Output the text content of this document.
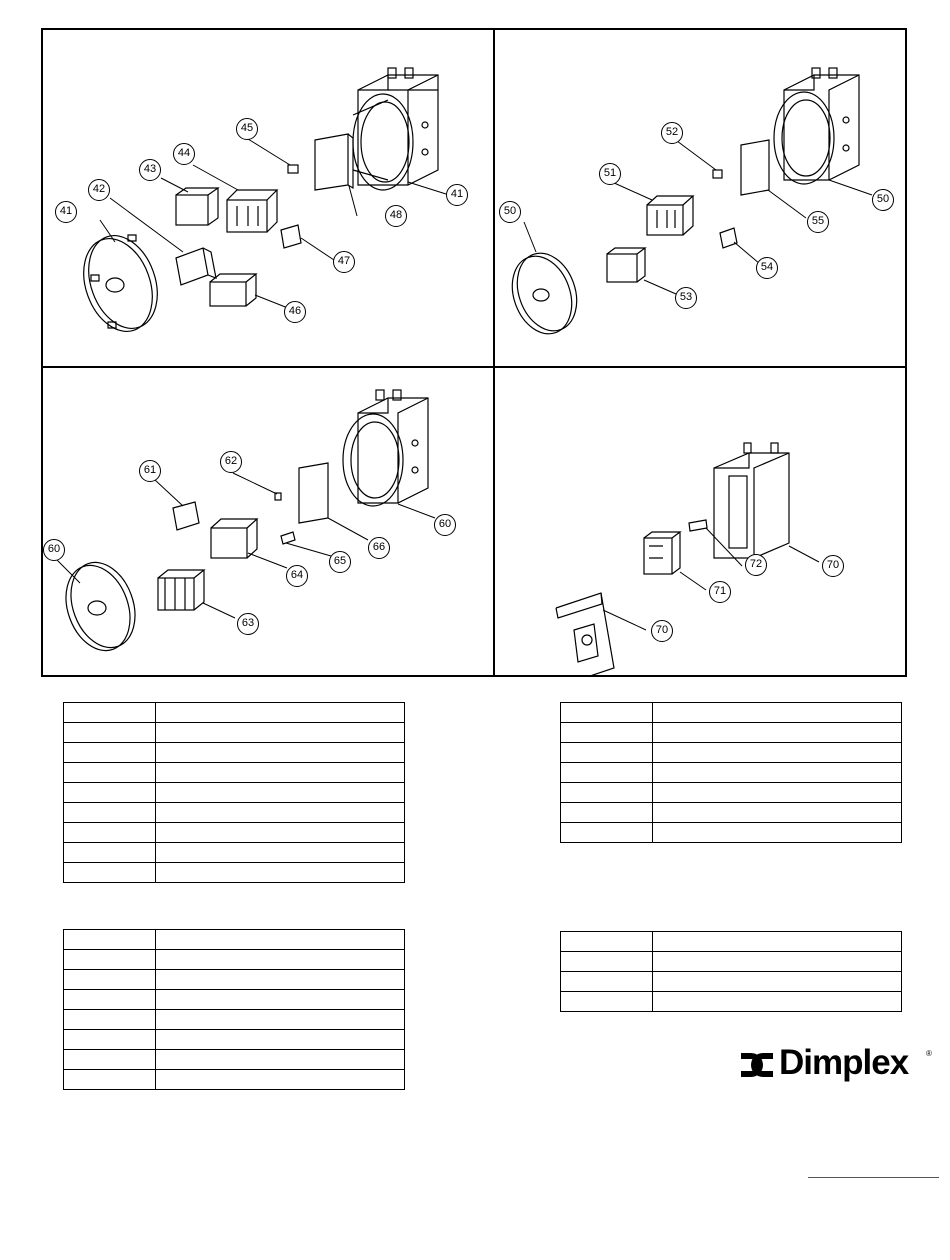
41
42
43
44
45
46
47
48
41
50
51
52
53
54
55
50
60
61
62
63
64
65
66
60
70
71
72
70

Dimplex ®
